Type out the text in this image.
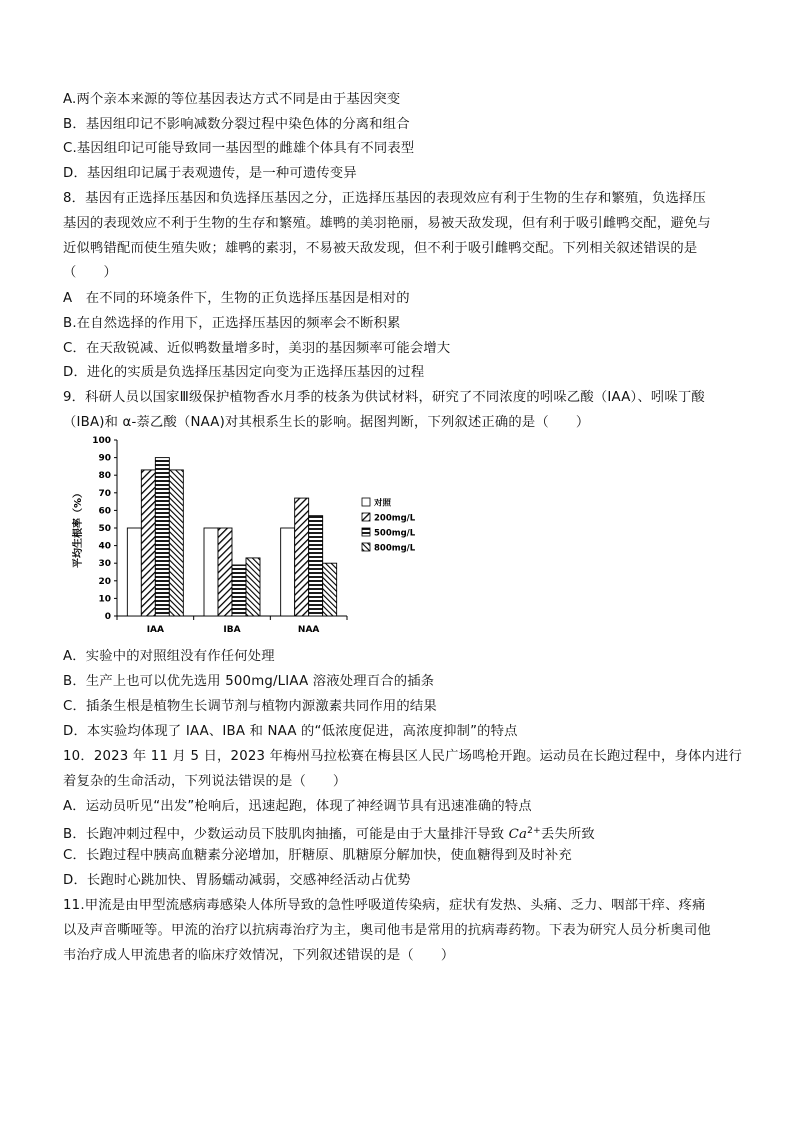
A.两个亲本来源的等位基因表达方式不同是由于基因突变
B．基因组印记不影响减数分裂过程中染色体的分离和组合
C.基因组印记可能导致同一基因型的雌雄个体具有不同表型
D．基因组印记属于表观遗传，是一种可遗传变异
8．基因有正选择压基因和负选择压基因之分，正选择压基因的表现效应有利于生物的生存和繁殖，负选择压
基因的表现效应不利于生物的生存和繁殖。雄鸭的美羽艳丽，易被天敌发现，但有利于吸引雌鸭交配，避免与
近似鸭错配而使生殖失败；雄鸭的素羽，不易被天敌发现，但不利于吸引雌鸭交配。下列相关叙述错误的是
（　　）
A　在不同的环境条件下，生物的正负选择压基因是相对的
B.在自然选择的作用下，正选择压基因的频率会不断积累
C．在天敌锐减、近似鸭数量增多时，美羽的基因频率可能会增大
D．进化的实质是负选择压基因定向变为正选择压基因的过程
9．科研人员以国家Ⅲ级保护植物香水月季的枝条为供试材料，研究了不同浓度的吲哚乙酸（IAA）、吲哚丁酸
（IBA)和 α-萘乙酸（NAA)对其根系生长的影响。据图判断，下列叙述正确的是（　　）
0
10
20
30
40
50
60
70
80
90
100
IAA	IBA	NAA
对照
200mg/L
500mg/L
800mg/L
平均生根率（%）
A．实验中的对照组没有作任何处理
B．生产上也可以优先选用 500mg/LIAA 溶液处理百合的插条
C．插条生根是植物生长调节剂与植物内源激素共同作用的结果
D．本实验均体现了 IAA、IBA 和 NAA 的“低浓度促进，高浓度抑制”的特点
10．2023 年 11 月 5 日，2023 年梅州马拉松赛在梅县区人民广场鸣枪开跑。运动员在长跑过程中，身体内进行
着复杂的生命活动，下列说法错误的是（　　）
A．运动员听见“出发”枪响后，迅速起跑，体现了神经调节具有迅速准确的特点
B．长跑冲刺过程中，少数运动员下肢肌肉抽搐，可能是由于大量排汗导致 $Ca^{2+}$丢失所致
C．长跑过程中胰高血糖素分泌增加，肝糖原、肌糖原分解加快，使血糖得到及时补充
D．长跑时心跳加快、胃肠蠕动减弱，交感神经活动占优势
11.甲流是由甲型流感病毒感染人体所导致的急性呼吸道传染病，症状有发热、头痛、乏力、咽部干痒、疼痛
以及声音嘶哑等。甲流的治疗以抗病毒治疗为主，奥司他韦是常用的抗病毒药物。下表为研究人员分析奥司他
韦治疗成人甲流患者的临床疗效情况，下列叙述错误的是（　　）
